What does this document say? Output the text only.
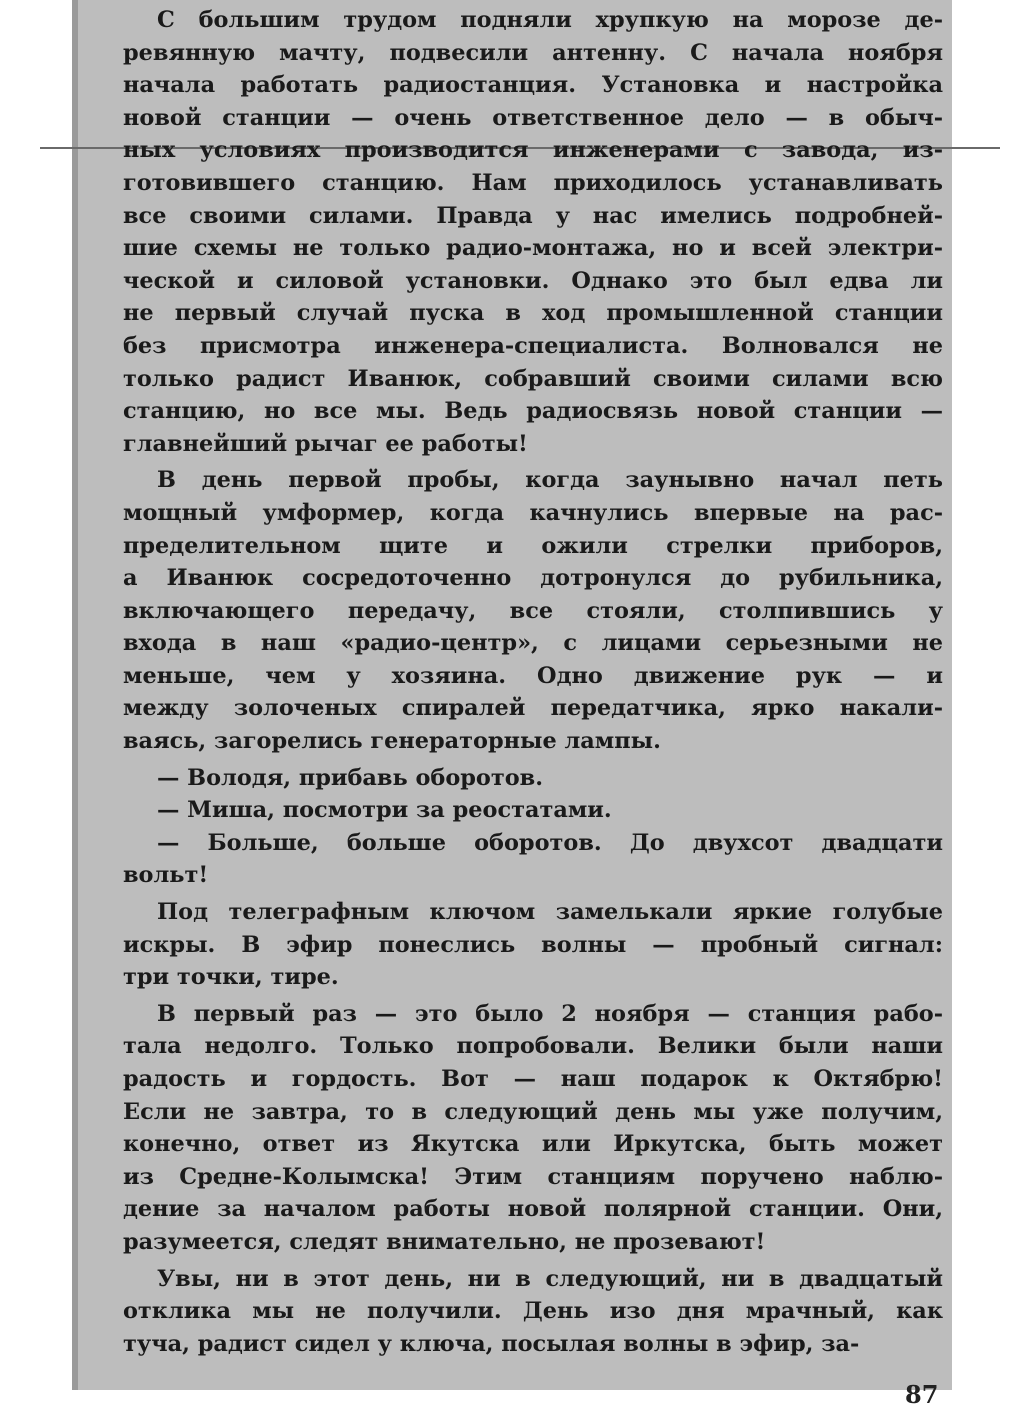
С большим трудом подняли хрупкую на морозе де-
ревянную мачту, подвесили антенну. С начала ноября
начала работать радиостанция. Установка и настройка
новой станции — очень ответственное дело — в обыч-
ных условиях производится инженерами с завода, из-
готовившего станцию. Нам приходилось устанавливать
все своими силами. Правда у нас имелись подробней-
шие схемы не только радио-монтажа, но и всей электри-
ческой и силовой установки. Однако это был едва ли
не первый случай пуска в ход промышленной станции
без присмотра инженера-специалиста. Волновался не
только радист Иванюк, собравший своими силами всю
станцию, но все мы. Ведь радиосвязь новой станции —
главнейший рычаг ее работы!
В день первой пробы, когда заунывно начал петь
мощный умформер, когда качнулись впервые на рас-
пределительном щите и ожили стрелки приборов,
а Иванюк сосредоточенно дотронулся до рубильника,
включающего передачу, все стояли, столпившись у
входа в наш «радио-центр», с лицами серьезными не
меньше, чем у хозяина. Одно движение рук — и
между золоченых спиралей передатчика, ярко накали-
ваясь, загорелись генераторные лампы.
— Володя, прибавь оборотов.
— Миша, посмотри за реостатами.
— Больше, больше оборотов. До двухсот двадцати
вольт!
Под телеграфным ключом замелькали яркие голубые
искры. В эфир понеслись волны — пробный сигнал:
три точки, тире.
В первый раз — это было 2 ноября — станция рабо-
тала недолго. Только попробовали. Велики были наши
радость и гордость. Вот — наш подарок к Октябрю!
Если не завтра, то в следующий день мы уже получим,
конечно, ответ из Якутска или Иркутска, быть может
из Средне-Колымска! Этим станциям поручено наблю-
дение за началом работы новой полярной станции. Они,
разумеется, следят внимательно, не прозевают!
Увы, ни в этот день, ни в следующий, ни в двадцатый
отклика мы не получили. День изо дня мрачный, как
туча, радист сидел у ключа, посылая волны в эфир, за-
87
